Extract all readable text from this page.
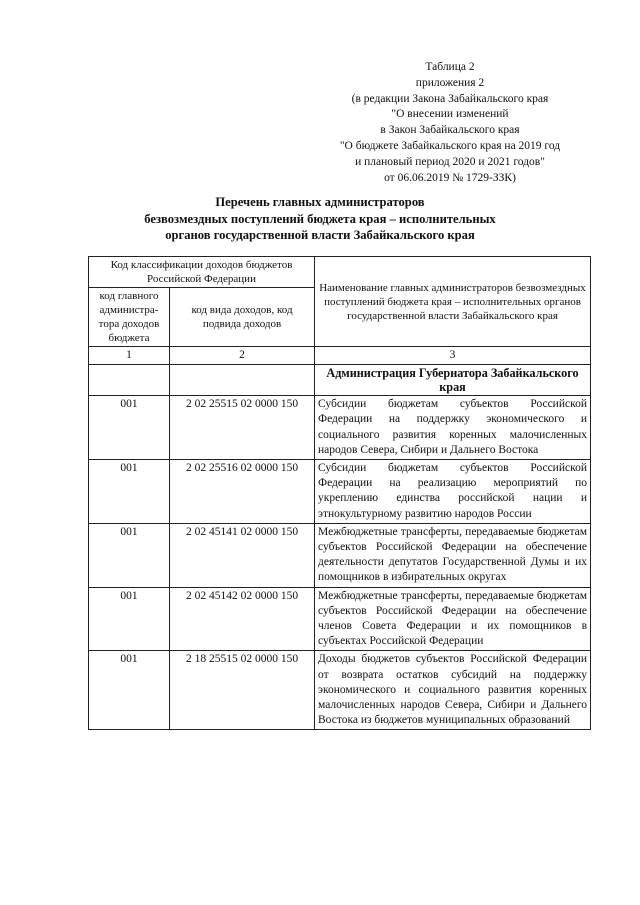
Таблица 2
приложения 2
(в редакции Закона Забайкальского края
"О внесении изменений
в Закон Забайкальского края
"О бюджете Забайкальского края на 2019 год
и плановый период 2020 и 2021 годов"
от 06.06.2019 № 1729-ЗЗК)
Перечень главных администраторов
безвозмездных поступлений бюджета края – исполнительных
органов государственной власти Забайкальского края
Код классификации доходов бюджетов Российской Федерации		Наименование главных администраторов безвозмездных поступлений бюджета края – исполнительных органов государственной власти Забайкальского края
код главного администра-тора доходов бюджета	код вида доходов, код подвида доходов	
1	2	3
		Администрация Губернатора Забайкальского края
001	2 02 25515 02 0000 150	Субсидии бюджетам субъектов Российской Федерации на поддержку экономического и социального развития коренных малочисленных народов Севера, Сибири и Дальнего Востока
001	2 02 25516 02 0000 150	Субсидии бюджетам субъектов Российской Федерации на реализацию мероприятий по укреплению единства российской нации и этнокультурному развитию народов России
001	2 02 45141 02 0000 150	Межбюджетные трансферты, передаваемые бюджетам субъектов Российской Федерации на обеспечение деятельности депутатов Государственной Думы и их помощников в избирательных округах
001	2 02 45142 02 0000 150	Межбюджетные трансферты, передаваемые бюджетам субъектов Российской Федерации на обеспечение членов Совета Федерации и их помощников в субъектах Российской Федерации
001	2 18 25515 02 0000 150	Доходы бюджетов субъектов Российской Федерации от возврата остатков субсидий на поддержку экономического и социального развития коренных малочисленных народов Севера, Сибири и Дальнего Востока из бюджетов муниципальных образований
